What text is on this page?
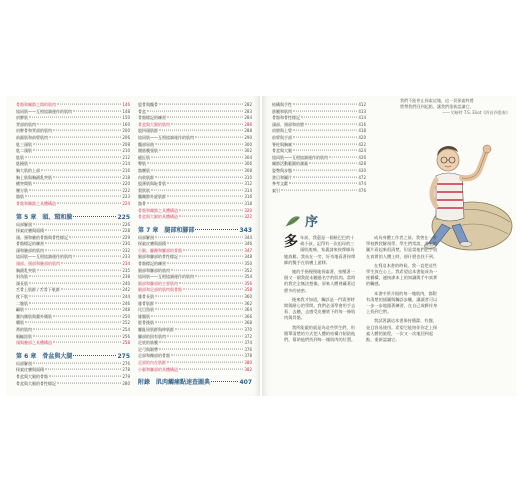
骨骼和關節之間的肌肉	146
協同肌——互相協調運作的肌肉	148
肩胛肌	150
背部的肌肉	160
肩胛骨和背部的肌肉	200
前鋸肌和前臂肌肉	206
肱三頭肌	208
肱二頭肌	210
肱肌	212
肱橈肌	214
胸大肌的上部	216
胸上肌與胸鎖乳突肌	218
橫突間肌	220
腰方肌	222
髂肌	223
骨骼和關節之具體構造	224
第 5 章　頭、頸和臉	225
局部解剖	226
探索皮膚與面積	228
頭、頸和臉的骨骼與骨性標記	229
骨骼標記的練習	230
頭和臉部的肌肉	232
協同肌——互相協調運作的肌肉	233
頭部、頸部和臉部的肌肉	234
胸鎖乳突肌	235
斜角肌	238
頭長肌	240
舌骨上肌群 / 舌骨下肌群	242
枕下肌	244
二腹肌	246
顳肌	248
翼內側肌與翼外側肌	250
嚼肌	252
鼻的肌肉	254
眼輪匝肌	256
頭與臉部之具體構造	258
第 6 章　骨盆與大腿	275
局部解剖	276
探索皮膚與面積	278
骨盆與大腿的骨骼	279
骨盆與大腿的骨性標記	280
股骨與髖骨	282
骨盆	283
骨骼標記的練習	284
骨盆與大腿的肌肉	286
股四頭肌群	288
協同肌——互相協調運作的肌肉	290
髖部屈曲	300
闊筋膜張肌	302
縫匠肌	304
臀肌	306
髂腰肌	308
內收肌群	310
股薄肌與恥骨肌	312
梨狀肌	314
髖關節外旋肌群	316
髂骨	318
骨骼和關節之具體構造	320
骨盆與大腿的具體構造	322
第 7 章　腿部和腳部	343
局部解剖	344
探索皮膚與面積	346
小腿、腳踝和腳部的骨骼	347
腿部和腳部的骨性標記	348
骨骼標記的練習	350
腿部和腳部的肌肉	352
協同肌——互相協調運作的肌肉	354
腿部和腳部的主要肌肉	356
腿部和足部的肌肉與骨骼	358
腓骨長肌	360
腓骨肌群	362
比目魚肌	364
腓腸肌	366
脛骨後肌	368
腳趾屈肌群與伸肌群	370
腳部的固有肌肉	372
足底的筋膜	374
足弓與韌帶	376
足部和踝部的骨骼	378
足部的內在肌群	380
小腿和腳部的具體構造	382
附錄　肌肉觸痛點速查圖典	407
結構與手性	412
筋膜和肌肉	413
骨骼和骨性標記	414
頭部、頸部和肩膀	416
肩膀與上臂	418
前臂與手部	420
脊柱與胸廓	422
骨盆與大腿	424
協同肌——互相協調運作的肌肉	426
關節活動範圍的測量	428
姿勢與步態	430
書目和圖片	472
參考文獻	474
索引	476
我們不能停止探索這塊，這一切探索終將
將帶我們回到起點，讓我們重新認識它。
——艾略特 T.S. Eliot《四首四重奏》
序

多年前，我還是一個極巴巴的十歲小孩，記得有一次祖母的三頭肌痠痛，家裏請來按摩師為她放鬆。我站在一旁，好奇地看著按摩師的雙手在肌膚上游移。

她的手指慢慢地探索著，按壓著一個又一個我從未聽過名字的肌肉。當時的我完全無法想像，原來人體裡藏著這麼多的祕密。

後來我才知道，觸診是一門需要時間與耐心的學問。我們必須學會用手去看、去聽，去感受皮膚底下的每一條肌肉與骨骼。

我所能做的就是為這些學生們，用簡單清楚的方式把人體的結構介紹給他們，幫助他們找到每一塊肌肉的位置。

成為身體工作者之前，我曾在一所學校教授解剖學。學生們常說，書上的圖片看起來很清楚，但是當他們把手放在真實的人體上時，卻什麼也找不到。

在寫這本書的時候，我一直把這些學生放在心上。我希望這本書能成為一座橋樑，連接課本上的知識與手中真實的觸感。

本書中所介紹的每一塊肌肉，都附有清楚的插圖與觸診步驟，讓讀者可以一步一步地跟著練習，在自己或夥伴身上找到它們。

我試著讓這本書保持簡潔、有趣，並且容易使用。希望它能陪伴你走上探索人體的旅程，一次又一次地回到起點，重新認識它。
